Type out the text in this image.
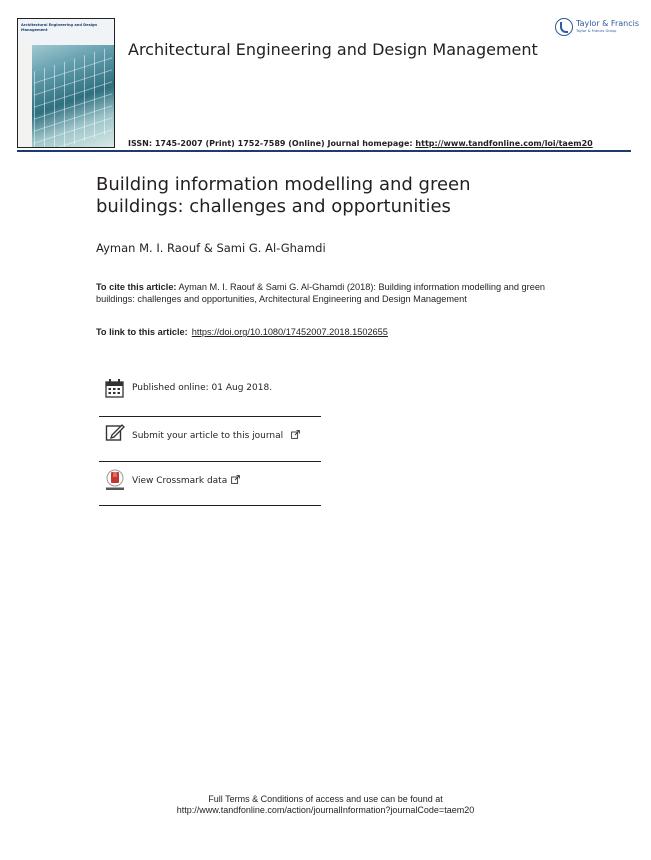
Architectural Engineering and Design Management
Architectural Engineering and Design Management
Taylor & Francis
Taylor & Francis Group
ISSN: 1745-2007 (Print) 1752-7589 (Online) Journal homepage: http://www.tandfonline.com/loi/taem20
Building information modelling and green buildings: challenges and opportunities
Ayman M. I. Raouf & Sami G. Al-Ghamdi
To cite this article: Ayman M. I. Raouf & Sami G. Al-Ghamdi (2018): Building information modelling and green buildings: challenges and opportunities, Architectural Engineering and Design Management
To link to this article: https://doi.org/10.1080/17452007.2018.1502655
Published online: 01 Aug 2018.
Submit your article to this journal
View Crossmark data
Full Terms & Conditions of access and use can be found at
http://www.tandfonline.com/action/journalInformation?journalCode=taem20
